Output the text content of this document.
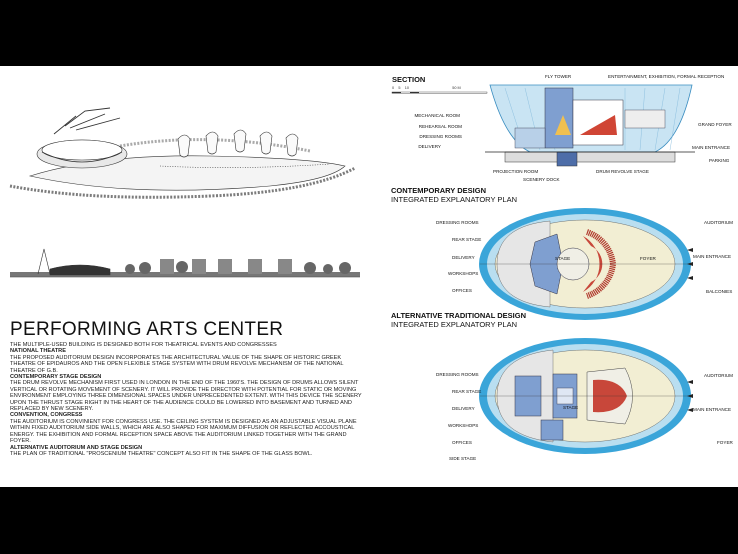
PERFORMING ARTS CENTER

THE MULTIPLE-USED BUILDING IS DESIGNED BOTH FOR THEATRICAL EVENTS AND CONGRESSES

NATIONAL THEATRE

THE PROPOSED AUDITORIUM DESIGN INCORPORATES THE ARCHITECTURAL VALUE OF THE SHAPE OF HISTORIC GREEK THEATRE OF EPIDAUROS AND THE OPEN FLEXIBLE STAGE SYSTEM WITH DRUM REVOLVE MECHANISM OF THE NATIONAL THEATRE OF G.B.

CONTEMPORARY STAGE DESIGN

THE DRUM REVOLVE MECHANISM FIRST USED IN LONDON IN THE END OF THE 1960'S. THE DESIGN OF DRUMS ALLOWS SILENT VERTICAL OR ROTATING MOVEMENT OF SCENERY. IT WILL PROVIDE THE DIRECTOR WITH POTENTIAL FOR STATIC OR MOVING ENVIRONMENT EMPLOYING THREE DIMENSIONAL SPACES UNDER UNPRECEDENTED EXTENT. WITH THIS DEVICE THE SCENERY UPON THE THRUST STAGE RIGHT IN THE HEART OF THE AUDIENCE COULD BE LOWERED INTO BASEMENT AND TURNED AND REPLACED BY NEW SCENERY.

CONVENTION, CONGRESS

THE AUDITORIUM IS CONVINIENT FOR CONGRESS USE. THE CEILING SYSTEM IS DESIGNED AS AN ADJUSTABLE VISUAL PLANE WITHIN FIXED AUDITORIUM SIDE WALLS, WHICH ARE ALSO SHAPED FOR MAXIMUM DIFFUSION OR REFLECTED ACCOUSTICAL ENERGY. THE EXHIBITION AND FORMAL RECEPTION SPACE ABOVE THE AUDITORIUM LINKED TOGETHER WITH THE GRAND FOYER.

ALTERNATIVE AUDITORIUM AND STAGE DESIGN

THE PLAN OF TRADITIONAL "PROSCENIUM THEATRE" CONCEPT ALSO FIT IN THE SHAPE OF THE GLASS BOWL.

SECTION
0 5 10	50 M
FLY TOWER	ENTERTAINMENT, EXHIBITION, FORMAL RECEPTION
MECHANICAL ROOM
REHEARSAL ROOM
DRESSING ROOMS
DELIVERY
GRAND FOYER
MAIN ENTRANCE
PARKING
PROJECTION ROOM	DRUM REVOLVE STAGE
SCENERY DOCK
CONTEMPORARY DESIGN
INTEGRATED EXPLANATORY PLAN
STAGE	FOYER
DRESSING ROOMS
REAR STAGE
DELIVERY
WORKSHOPS
OFFICES
AUDITORIUM
MAIN ENTRANCE
BALCONIES
ALTERNATIVE TRADITIONAL DESIGN
INTEGRATED EXPLANATORY PLAN
STAGE
DRESSING ROOMS
REAR STAGE
DELIVERY
WORKSHOPS
OFFICES
SIDE STAGE
AUDITORIUM
MAIN ENTRANCE
FOYER
